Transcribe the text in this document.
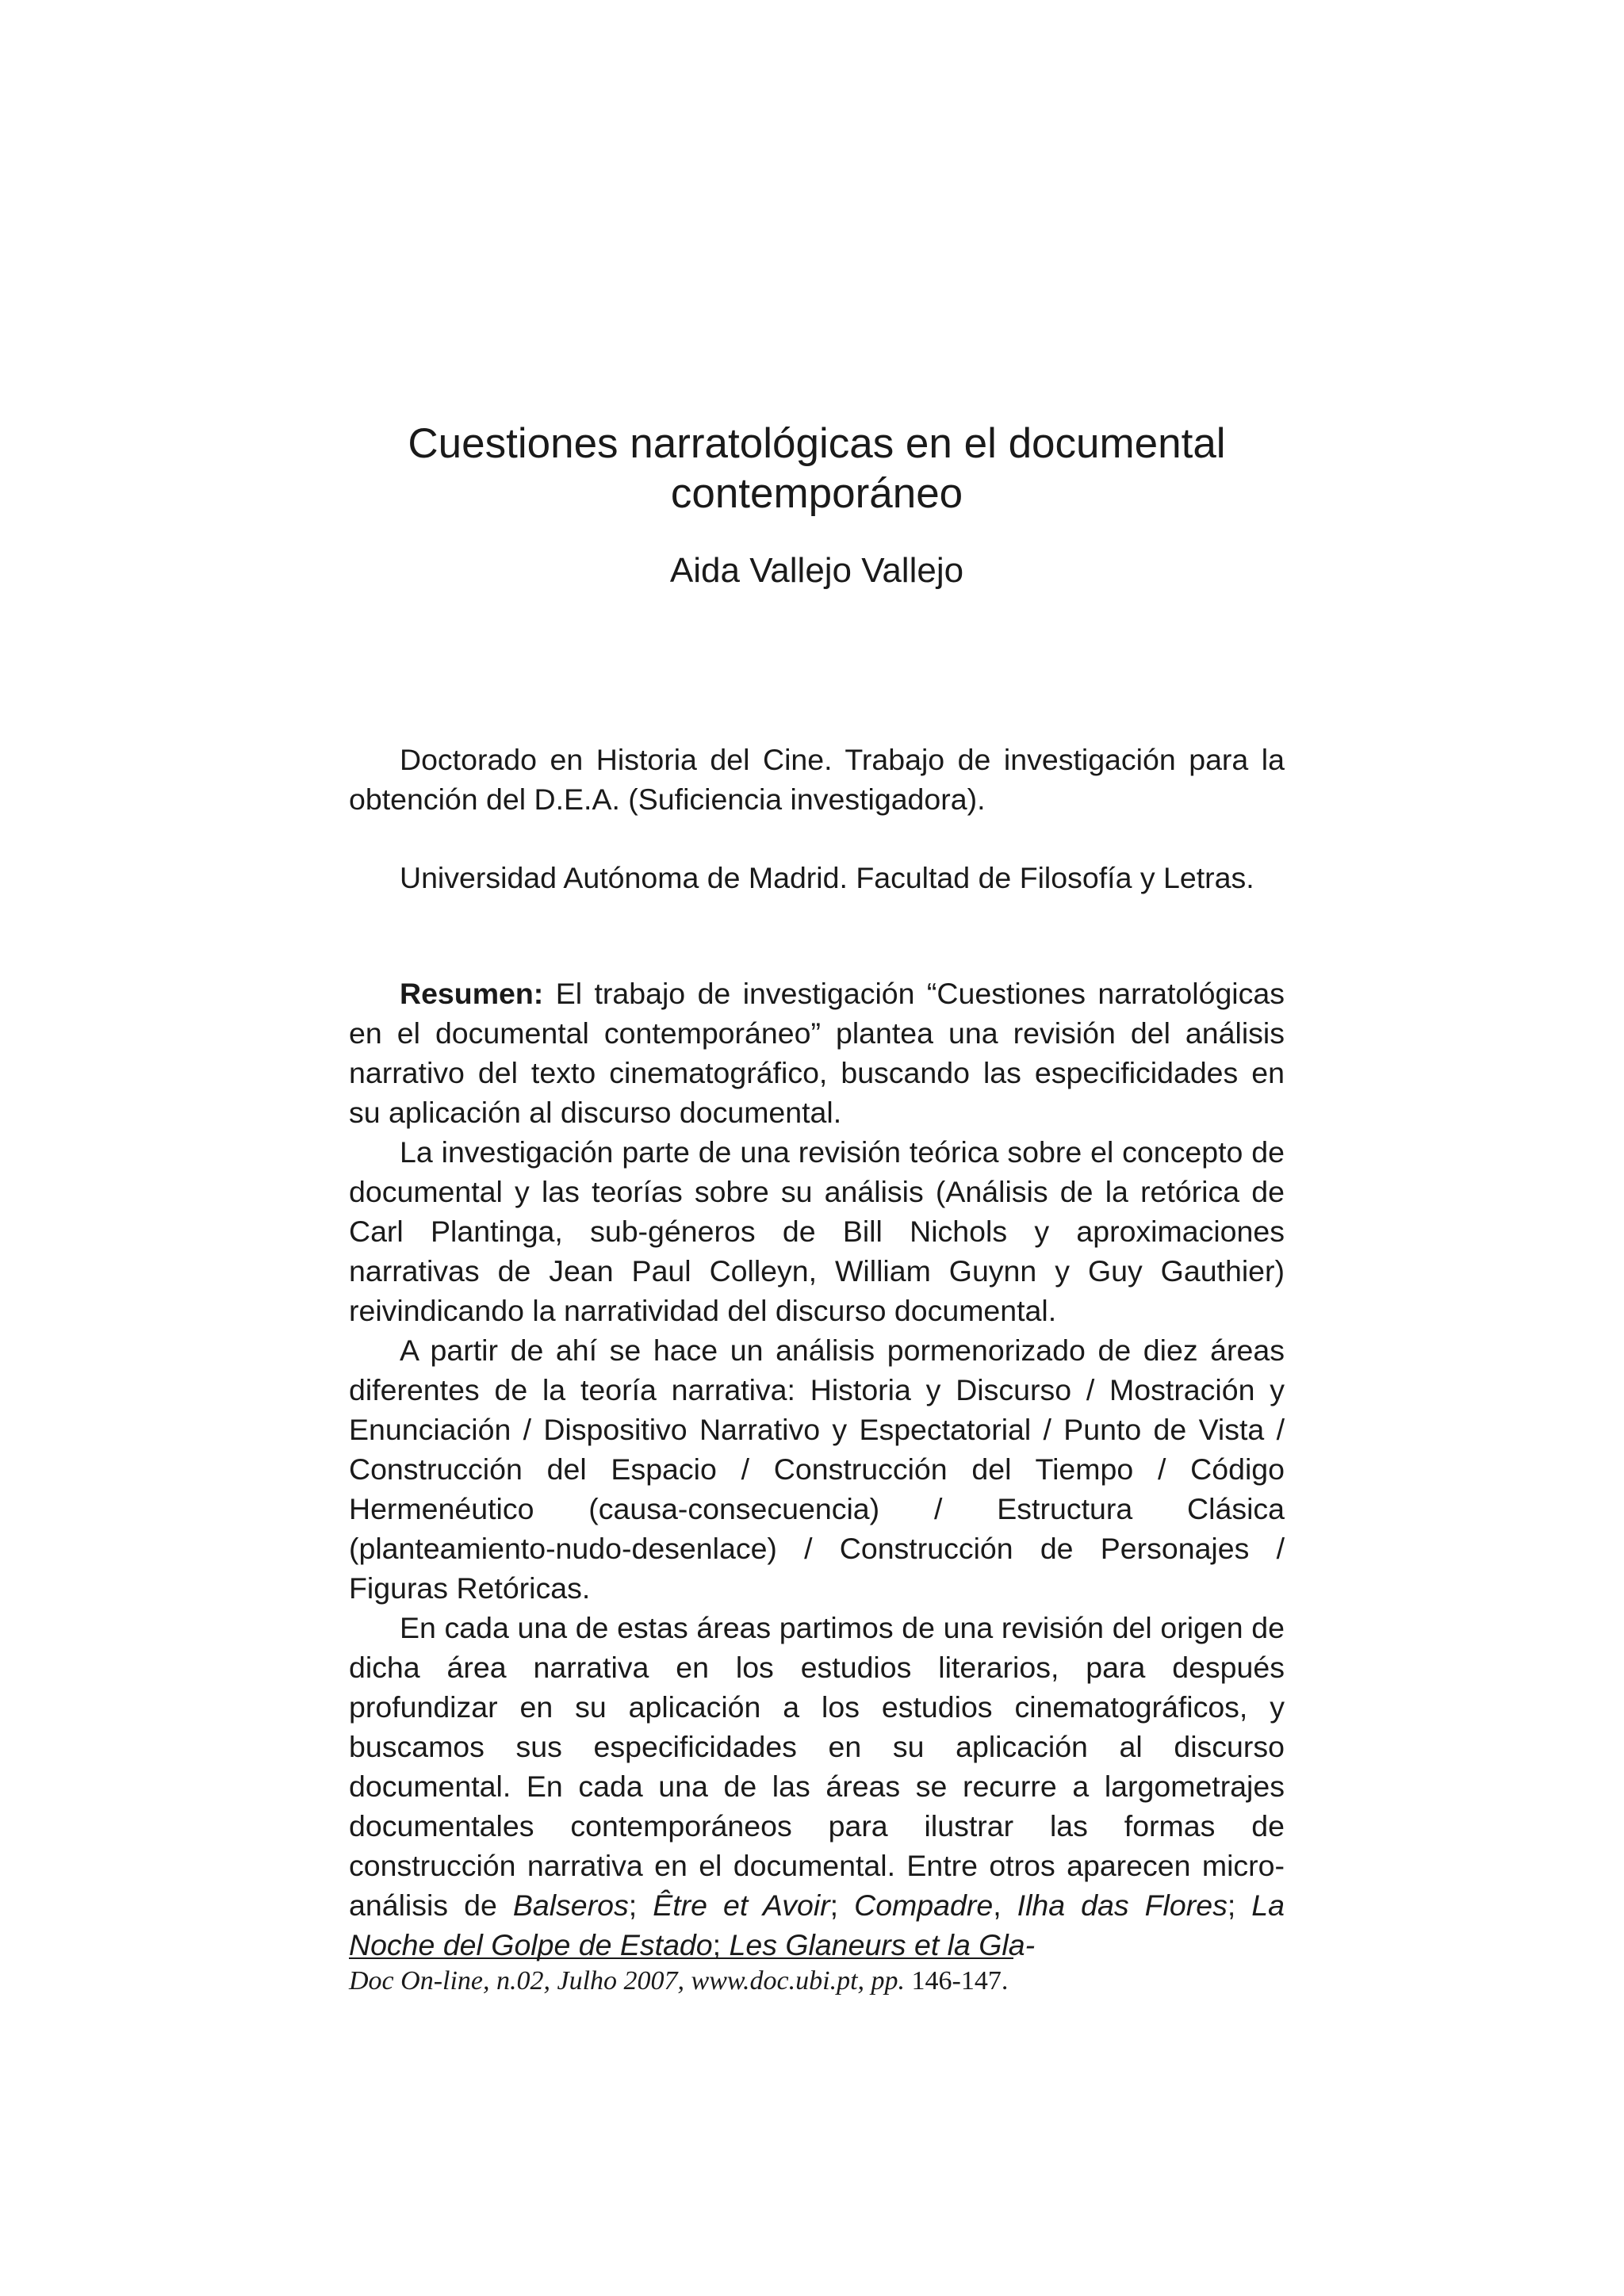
Cuestiones narratológicas en el documental
contemporáneo
Aida Vallejo Vallejo

Doctorado en Historia del Cine. Trabajo de investigación para la obtención del D.E.A. (Suficiencia investigadora).

Universidad Autónoma de Madrid. Facultad de Filosofía y Letras.

Resumen: El trabajo de investigación “Cuestiones narratológicas en el documental contemporáneo” plantea una revisión del análisis narrativo del texto cinematográfico, buscando las especificidades en su aplicación al discurso documental.

La investigación parte de una revisión teórica sobre el concepto de documental y las teorías sobre su análisis (Análisis de la retórica de Carl Plantinga, sub-géneros de Bill Nichols y aproximaciones narrativas de Jean Paul Colleyn, William Guynn y Guy Gauthier) reivindicando la narratividad del discurso documental.

A partir de ahí se hace un análisis pormenorizado de diez áreas diferentes de la teoría narrativa: Historia y Discurso / Mostración y Enunciación / Dispositivo Narrativo y Espectatorial / Punto de Vista / Construcción del Espacio / Construcción del Tiempo / Código Hermenéutico (causa-consecuencia) / Estructura Clásica (planteamiento-nudo-desenlace) / Construcción de Personajes / Figuras Retóricas.

En cada una de estas áreas partimos de una revisión del origen de dicha área narrativa en los estudios literarios, para después profundizar en su aplicación a los estudios cinematográficos, y buscamos sus especificidades en su aplicación al discurso documental. En cada una de las áreas se recurre a largometrajes documentales contemporáneos para ilustrar las formas de construcción narrativa en el documental. Entre otros aparecen micro-análisis de Balseros; Être et Avoir; Compadre, Ilha das Flores; La Noche del Golpe de Estado; Les Glaneurs et la Gla-

Doc On-line, n.02, Julho 2007, www.doc.ubi.pt, pp. 146-147.
